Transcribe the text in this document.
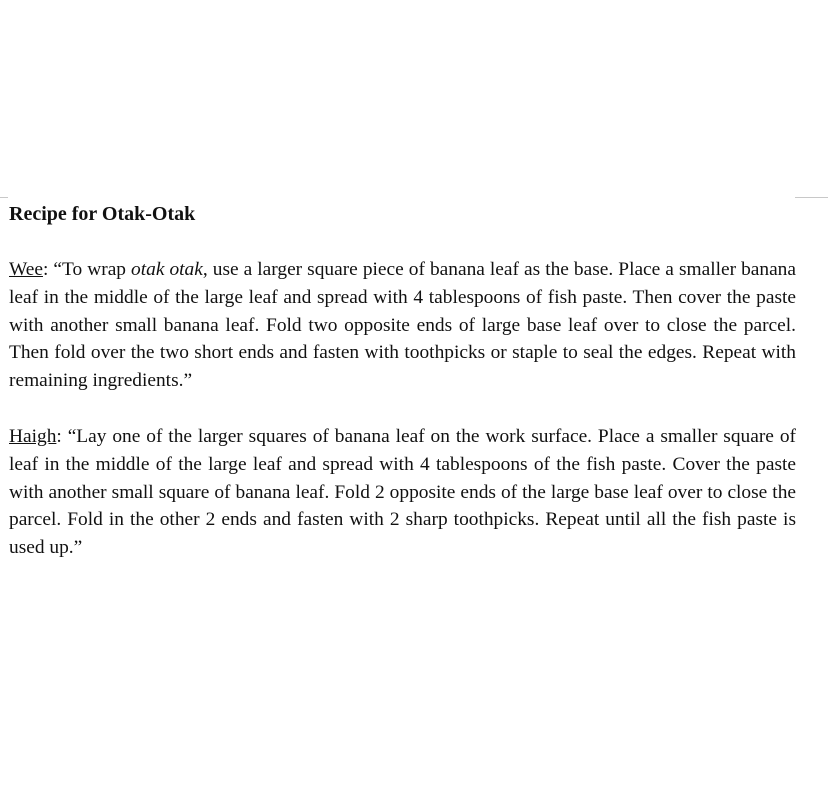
Recipe for Otak-Otak

Wee: “To wrap otak otak, use a larger square piece of banana leaf as the base. Place a smaller banana leaf in the middle of the large leaf and spread with 4 tablespoons of fish paste. Then cover the paste with another small banana leaf. Fold two opposite ends of large base leaf over to close the parcel. Then fold over the two short ends and fasten with toothpicks or staple to seal the edges. Repeat with remaining ingredients.”

Haigh: “Lay one of the larger squares of banana leaf on the work surface. Place a smaller square of leaf in the middle of the large leaf and spread with 4 tablespoons of the fish paste. Cover the paste with another small square of banana leaf. Fold 2 opposite ends of the large base leaf over to close the parcel. Fold in the other 2 ends and fasten with 2 sharp toothpicks. Repeat until all the fish paste is used up.”
